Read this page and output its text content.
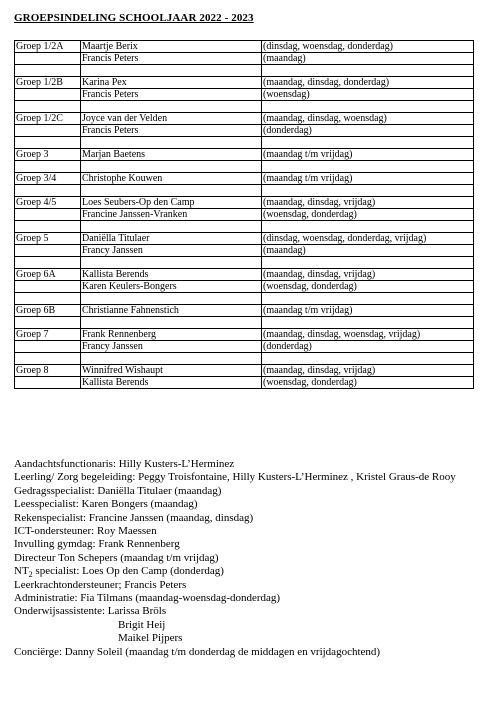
GROEPSINDELING SCHOOLJAAR 2022 - 2023
Groep 1/2A	Maartje Berix	(dinsdag, woensdag, donderdag)
	Francis Peters	(maandag)

Groep 1/2B	Karina Pex	(maandag, dinsdag, donderdag)
	Francis Peters	(woensdag)

Groep 1/2C	Joyce van der Velden	(maandag, dinsdag, woensdag)
	Francis Peters	(donderdag)

Groep 3	Marjan Baetens	(maandag t/m vrijdag)

Groep 3/4	Christophe Kouwen	(maandag t/m vrijdag)

Groep 4/5	Loes Seubers-Op den Camp	(maandag, dinsdag, vrijdag)
	Francine Janssen-Vranken	(woensdag, donderdag)

Groep 5	Daniëlla Titulaer	(dinsdag, woensdag, donderdag, vrijdag)
	Francy Janssen	(maandag)

Groep 6A	Kallista Berends	(maandag, dinsdag, vrijdag)
	Karen Keulers-Bongers	(woensdag, donderdag)

Groep 6B	Christianne Fahnenstich	(maandag t/m vrijdag)

Groep 7	Frank Rennenberg	(maandag, dinsdag, woensdag, vrijdag)
	Francy Janssen	(donderdag)

Groep 8	Winnifred Wishaupt	(maandag, dinsdag, vrijdag)
	Kallista Berends	(woensdag, donderdag)
Aandachtsfunctionaris: Hilly Kusters-L’Herminez
Leerling/ Zorg begeleiding: Peggy Troisfontaine, Hilly Kusters-L’Herminez , Kristel Graus-de Rooy
Gedragsspecialist: Daniëlla Titulaer (maandag)
Leesspecialist: Karen Bongers (maandag)
Rekenspecialist: Francine Janssen (maandag, dinsdag)
ICT-ondersteuner: Roy Maessen
Invulling gymdag: Frank Rennenberg
Directeur Ton Schepers (maandag t/m vrijdag)
$NT_2$ specialist: Loes Op den Camp (donderdag)
Leerkrachtondersteuner; Francis Peters
Administratie: Fia Tilmans (maandag-woensdag-donderdag)
Onderwijsassistente: Larissa Bröls
Brigit Heij
Maikel Pijpers
Conciërge: Danny Soleil (maandag t/m donderdag de middagen en vrijdagochtend)
